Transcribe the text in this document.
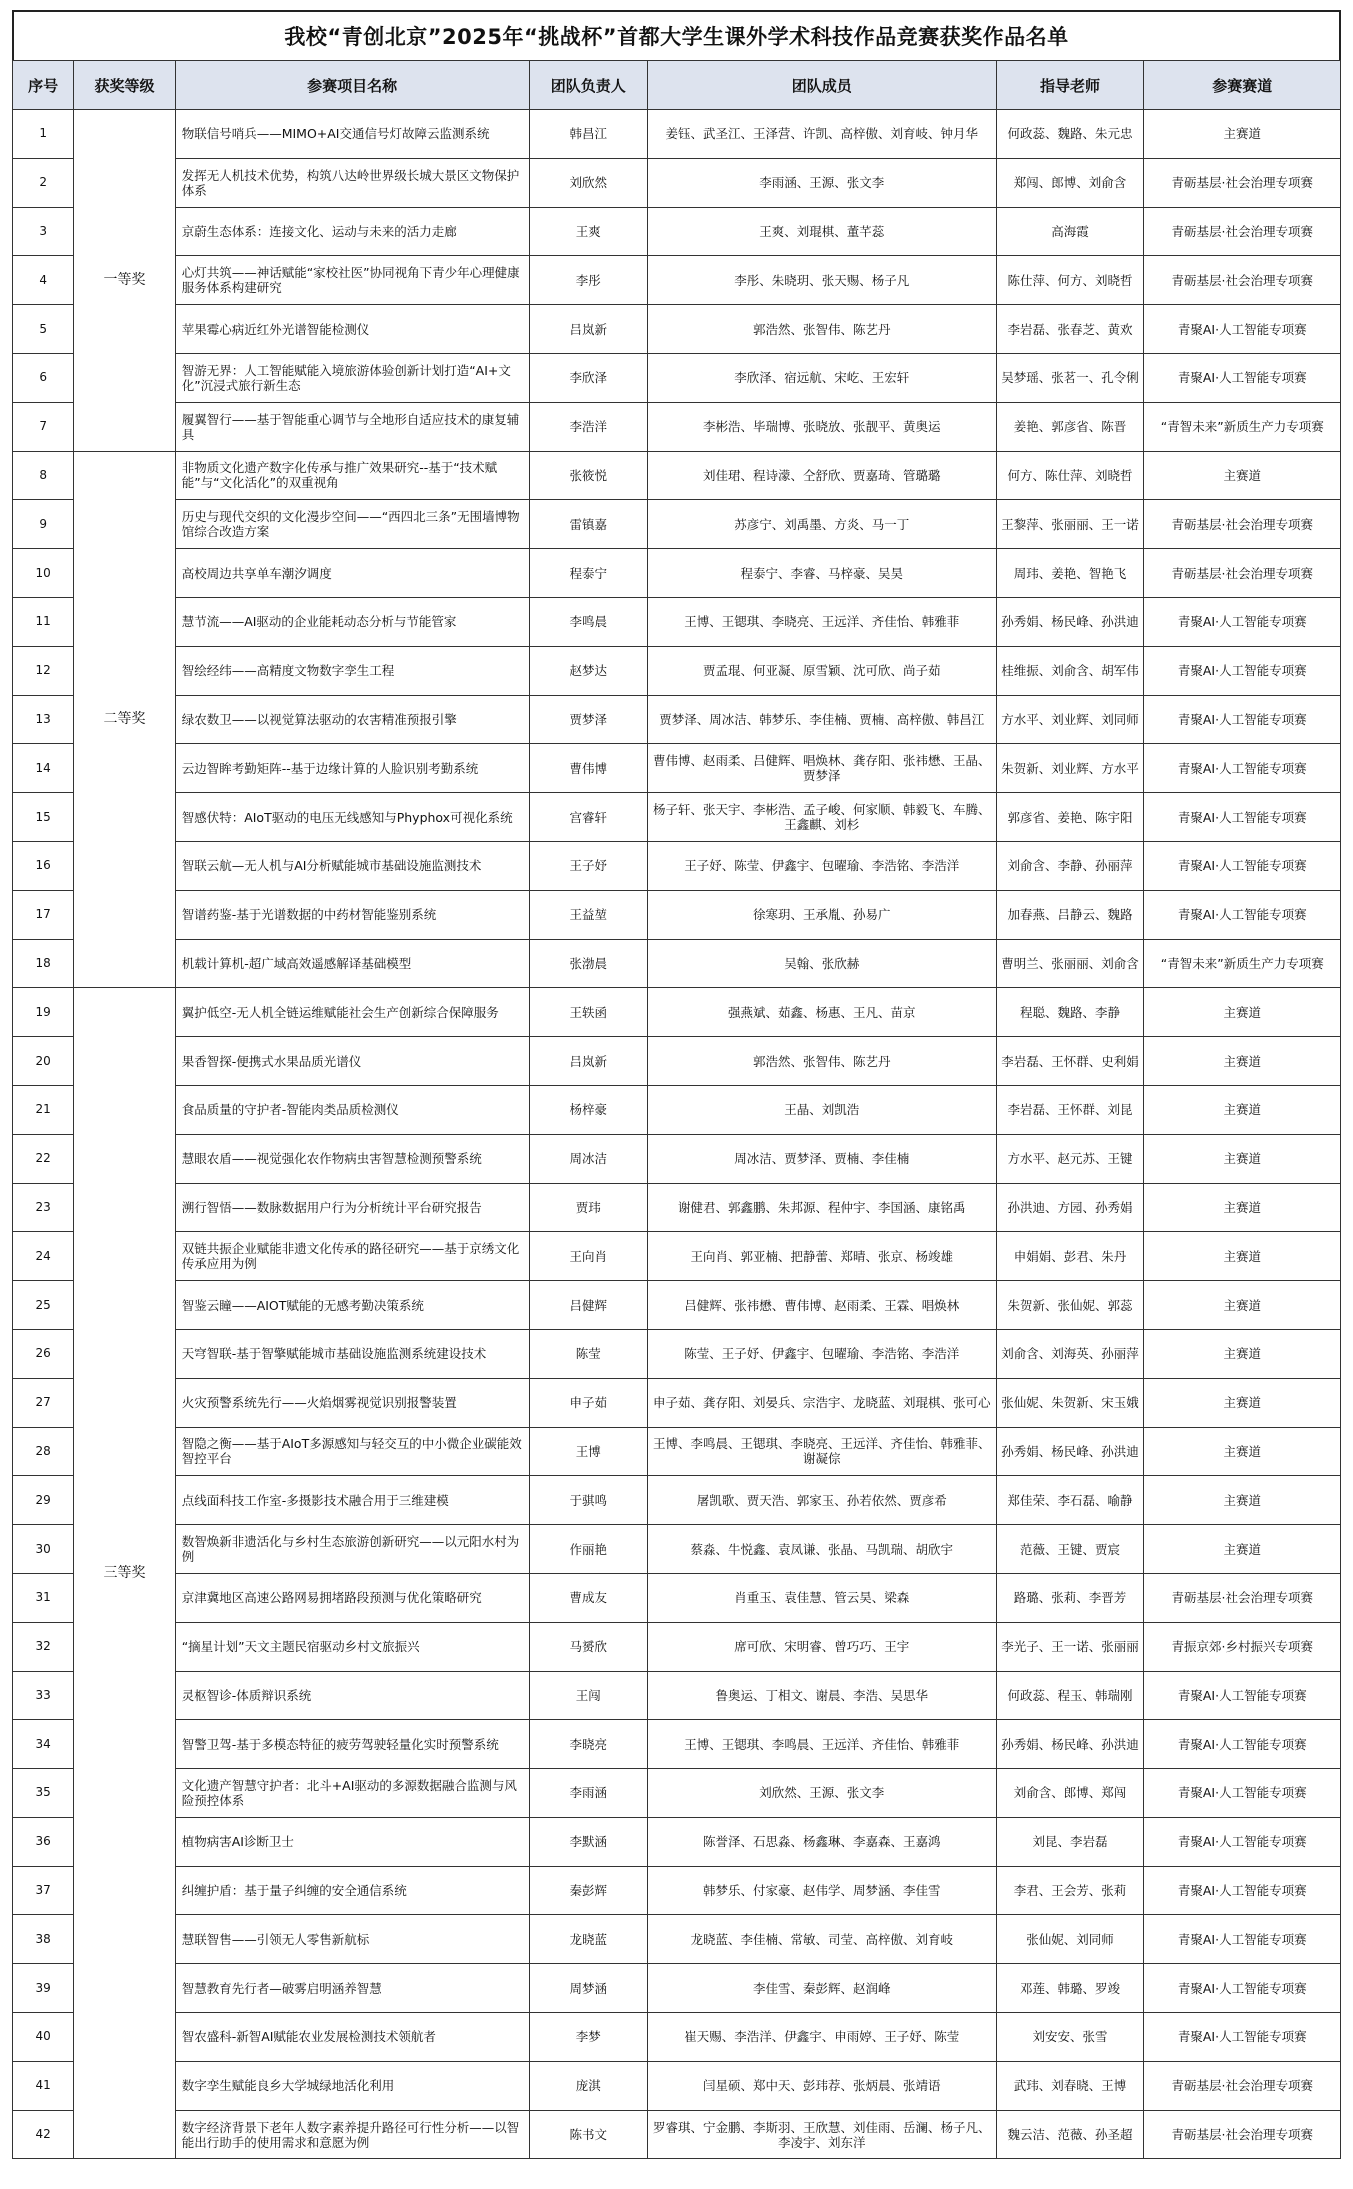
我校“青创北京”2025年“挑战杯”首都大学生课外学术科技作品竞赛获奖作品名单
序号	获奖等级	参赛项目名称	团队负责人	团队成员	指导老师	参赛赛道
1	一等奖	物联信号哨兵——MIMO+AI交通信号灯故障云监测系统	韩昌江	姜钰、武圣江、王泽营、许凯、高梓傲、刘育岐、钟月华	何政蕊、魏路、朱元忠	主赛道
2		发挥无人机技术优势，构筑八达岭世界级长城大景区文物保护体系	刘欣然	李雨涵、王源、张文李	郑闯、郎博、刘俞含	青砺基层·社会治理专项赛
3		京蔚生态体系：连接文化、运动与未来的活力走廊	王爽	王爽、刘琨棋、董芊蕊	高海霞	青砺基层·社会治理专项赛
4		心灯共筑——神话赋能“家校社医”协同视角下青少年心理健康服务体系构建研究	李彤	李彤、朱晓玥、张天赐、杨子凡	陈仕萍、何方、刘晓哲	青砺基层·社会治理专项赛
5		苹果霉心病近红外光谱智能检测仪	吕岚新	郭浩然、张智伟、陈艺丹	李岩磊、张春芝、黄欢	青聚AI·人工智能专项赛
6		智游无界：人工智能赋能入境旅游体验创新计划打造“AI+文化”沉浸式旅行新生态	李欣泽	李欣泽、宿远航、宋屹、王宏轩	吴梦瑶、张茗一、孔令俐	青聚AI·人工智能专项赛
7		履翼智行——基于智能重心调节与全地形自适应技术的康复辅具	李浩洋	李彬浩、毕瑞博、张晓放、张靓平、黄奥运	姜艳、郭彦省、陈晋	“青智未来”新质生产力专项赛
8	二等奖	非物质文化遗产数字化传承与推广效果研究--基于“技术赋能”与“文化活化”的双重视角	张筱悦	刘佳珺、程诗濛、仝舒欣、贾嘉琦、管璐璐	何方、陈仕萍、刘晓哲	主赛道
9		历史与现代交织的文化漫步空间——“西四北三条”无围墙博物馆综合改造方案	雷镇嘉	苏彦宁、刘禹墨、方炎、马一丁	王黎萍、张丽丽、王一诺	青砺基层·社会治理专项赛
10		高校周边共享单车潮汐调度	程泰宁	程泰宁、李睿、马梓豪、吴昊	周玮、姜艳、智艳飞	青砺基层·社会治理专项赛
11		慧节流——AI驱动的企业能耗动态分析与节能管家	李鸣晨	王博、王锶琪、李晓亮、王远洋、齐佳怡、韩雅菲	孙秀娟、杨民峰、孙洪迪	青聚AI·人工智能专项赛
12		智绘经纬——高精度文物数字孪生工程	赵梦达	贾孟琨、何亚凝、原雪颖、沈可欣、尚子茹	桂维振、刘俞含、胡军伟	青聚AI·人工智能专项赛
13		绿农数卫——以视觉算法驱动的农害精准预报引擎	贾梦泽	贾梦泽、周冰洁、韩梦乐、李佳楠、贾楠、高梓傲、韩昌江	方水平、刘业辉、刘同师	青聚AI·人工智能专项赛
14		云边智眸考勤矩阵--基于边缘计算的人脸识别考勤系统	曹伟博	曹伟博、赵雨柔、吕健辉、唱焕林、龚存阳、张祎懋、王晶、贾梦泽	朱贺新、刘业辉、方水平	青聚AI·人工智能专项赛
15		智感伏特：AIoT驱动的电压无线感知与Phyphox可视化系统	宫睿轩	杨子轩、张天宇、李彬浩、孟子峻、何家顺、韩毅飞、车腾、王鑫麒、刘杉	郭彦省、姜艳、陈宇阳	青聚AI·人工智能专项赛
16		智联云航—无人机与AI分析赋能城市基础设施监测技术	王子妤	王子妤、陈莹、伊鑫宇、包曜瑜、李浩铭、李浩洋	刘俞含、李静、孙丽萍	青聚AI·人工智能专项赛
17		智谱药鉴-基于光谱数据的中药材智能鉴别系统	王益堃	徐寒玥、王承胤、孙易广	加春燕、吕静云、魏路	青聚AI·人工智能专项赛
18		机载计算机-超广域高效遥感解译基础模型	张渤晨	吴翰、张欣赫	曹明兰、张丽丽、刘俞含	“青智未来”新质生产力专项赛
19	三等奖	翼护低空-无人机全链运维赋能社会生产创新综合保障服务	王轶函	强燕斌、茹鑫、杨惠、王凡、苗京	程聪、魏路、李静	主赛道
20		果香智探-便携式水果品质光谱仪	吕岚新	郭浩然、张智伟、陈艺丹	李岩磊、王怀群、史利娟	主赛道
21		食品质量的守护者-智能肉类品质检测仪	杨梓豪	王晶、刘凯浩	李岩磊、王怀群、刘昆	主赛道
22		慧眼农盾——视觉强化农作物病虫害智慧检测预警系统	周冰洁	周冰洁、贾梦泽、贾楠、李佳楠	方水平、赵元苏、王键	主赛道
23		溯行智悟——数脉数据用户行为分析统计平台研究报告	贾玮	谢健君、郭鑫鹏、朱邦源、程仲宇、李国涵、康铭禹	孙洪迪、方园、孙秀娟	主赛道
24		双链共振企业赋能非遗文化传承的路径研究——基于京绣文化传承应用为例	王向肖	王向肖、郭亚楠、把静蕾、郑晴、张京、杨竣雄	申娟娟、彭君、朱丹	主赛道
25		智鉴云瞳——AIOT赋能的无感考勤决策系统	吕健辉	吕健辉、张祎懋、曹伟博、赵雨柔、王霖、唱焕林	朱贺新、张仙妮、郭蕊	主赛道
26		天穹智联-基于智擎赋能城市基础设施监测系统建设技术	陈莹	陈莹、王子妤、伊鑫宇、包曜瑜、李浩铭、李浩洋	刘俞含、刘海英、孙丽萍	主赛道
27		火灾预警系统先行——火焰烟雾视觉识别报警装置	申子茹	申子茹、龚存阳、刘晏兵、宗浩宇、龙晓蓝、刘琨棋、张可心	张仙妮、朱贺新、宋玉娥	主赛道
28		智隐之衡——基于AIoT多源感知与轻交互的中小微企业碳能效智控平台	王博	王博、李鸣晨、王锶琪、李晓亮、王远洋、齐佳怡、韩雅菲、谢凝倧	孙秀娟、杨民峰、孙洪迪	主赛道
29		点线面科技工作室-多摄影技术融合用于三维建模	于骐鸣	屠凯歌、贾天浩、郭家玉、孙若依然、贾彦希	郑佳荣、李石磊、喻静	主赛道
30		数智焕新非遗活化与乡村生态旅游创新研究——以元阳水村为例	作丽艳	蔡淼、牛悦鑫、袁凤谦、张晶、马凯瑞、胡欣宇	范薇、王键、贾宸	主赛道
31		京津冀地区高速公路网易拥堵路段预测与优化策略研究	曹成友	肖重玉、袁佳慧、管云昊、梁森	路璐、张莉、李晋芳	青砺基层·社会治理专项赛
32		“摘星计划”天文主题民宿驱动乡村文旅振兴	马赟欣	席可欣、宋明睿、曾巧巧、王宇	李光子、王一诺、张丽丽	青振京郊·乡村振兴专项赛
33		灵枢智诊-体质辩识系统	王闯	鲁奥运、丁相文、谢晨、李浩、吴思华	何政蕊、程玉、韩瑞刚	青聚AI·人工智能专项赛
34		智警卫驾-基于多模态特征的疲劳驾驶轻量化实时预警系统	李晓亮	王博、王锶琪、李鸣晨、王远洋、齐佳怡、韩雅菲	孙秀娟、杨民峰、孙洪迪	青聚AI·人工智能专项赛
35		文化遗产智慧守护者：北斗+AI驱动的多源数据融合监测与风险预控体系	李雨涵	刘欣然、王源、张文李	刘俞含、郎博、郑闯	青聚AI·人工智能专项赛
36		植物病害AI诊断卫士	李默涵	陈誉泽、石思淼、杨鑫琳、李嘉森、王嘉鸿	刘昆、李岩磊	青聚AI·人工智能专项赛
37		纠缠护盾：基于量子纠缠的安全通信系统	秦彭辉	韩梦乐、付家豪、赵伟学、周梦涵、李佳雪	李君、王会芳、张莉	青聚AI·人工智能专项赛
38		慧联智售——引领无人零售新航标	龙晓蓝	龙晓蓝、李佳楠、常敏、司莹、高梓傲、刘育岐	张仙妮、刘同师	青聚AI·人工智能专项赛
39		智慧教育先行者—破雾启明涵养智慧	周梦涵	李佳雪、秦彭辉、赵润峰	邓莲、韩璐、罗竣	青聚AI·人工智能专项赛
40		智农盛科-新智AI赋能农业发展检测技术领航者	李梦	崔天赐、李浩洋、伊鑫宇、申雨婷、王子妤、陈莹	刘安安、张雪	青聚AI·人工智能专项赛
41		数字孪生赋能良乡大学城绿地活化利用	庞淇	闫星硕、郑中天、彭玮荐、张炳晨、张靖语	武玮、刘春晓、王博	青砺基层·社会治理专项赛
42		数字经济背景下老年人数字素养提升路径可行性分析——以智能出行助手的使用需求和意愿为例	陈书文	罗睿琪、宁金鹏、李斯羽、王欣慧、刘佳雨、岳澜、杨子凡、李凌宇、刘东洋	魏云洁、范薇、孙圣超	青砺基层·社会治理专项赛
